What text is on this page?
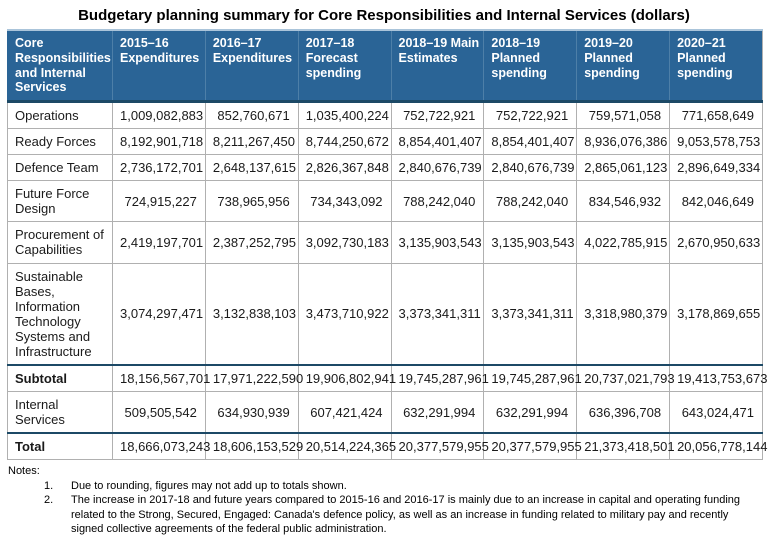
Budgetary planning summary for Core Responsibilities and Internal Services (dollars)
Core Responsibilities and Internal Services	2015–16 Expenditures	2016–17 Expenditures	2017–18 Forecast spending	2018–19 Main Estimates	2018–19 Planned spending	2019–20 Planned spending	2020–21 Planned spending
Operations	1,009,082,883	852,760,671	1,035,400,224	752,722,921	752,722,921	759,571,058	771,658,649
Ready Forces	8,192,901,718	8,211,267,450	8,744,250,672	8,854,401,407	8,854,401,407	8,936,076,386	9,053,578,753
Defence Team	2,736,172,701	2,648,137,615	2,826,367,848	2,840,676,739	2,840,676,739	2,865,061,123	2,896,649,334
Future Force Design	724,915,227	738,965,956	734,343,092	788,242,040	788,242,040	834,546,932	842,046,649
Procurement of Capabilities	2,419,197,701	2,387,252,795	3,092,730,183	3,135,903,543	3,135,903,543	4,022,785,915	2,670,950,633
Sustainable Bases, Information Technology Systems and Infrastructure	3,074,297,471	3,132,838,103	3,473,710,922	3,373,341,311	3,373,341,311	3,318,980,379	3,178,869,655
Subtotal	18,156,567,701	17,971,222,590	19,906,802,941	19,745,287,961	19,745,287,961	20,737,021,793	19,413,753,673
Internal Services	509,505,542	634,930,939	607,421,424	632,291,994	632,291,994	636,396,708	643,024,471
Total	18,666,073,243	18,606,153,529	20,514,224,365	20,377,579,955	20,377,579,955	21,373,418,501	20,056,778,144
Notes:
1.	Due to rounding, figures may not add up to totals shown.
2.	The increase in 2017-18 and future years compared to 2015-16 and 2016-17 is mainly due to an increase in capital and operating funding related to the Strong, Secured, Engaged: Canada's defence policy, as well as an increase in funding related to military pay and recently signed collective agreements of the federal public administration.
